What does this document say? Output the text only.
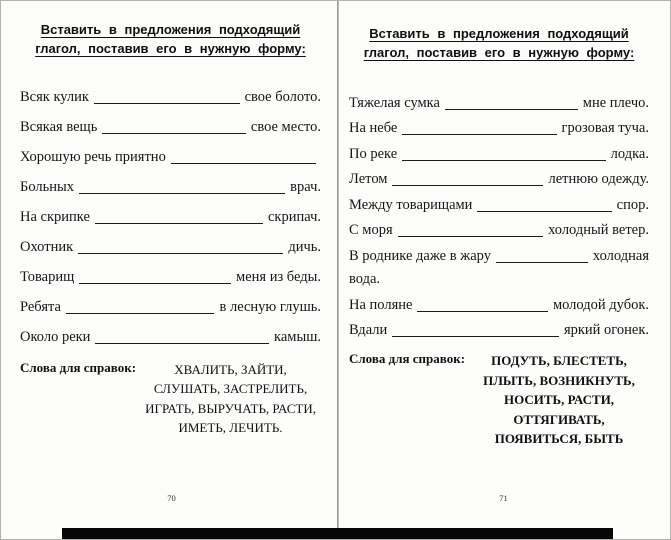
Вставить в предложения подходящий глагол, поставив его в нужную форму:
Всяк кулик	свое болото.
Всякая вещь	свое место.
Хорошую речь приятно
Больных	врач.
На скрипке	скрипач.
Охотник	дичь.
Товарищ	меня из беды.
Ребята	в лесную глушь.
Около реки	камыш.
Слова для справок:	ХВАЛИТЬ, ЗАЙТИ, СЛУШАТЬ, ЗАСТРЕЛИТЬ, ИГРАТЬ, ВЫРУЧАТЬ, РАСТИ, ИМЕТЬ, ЛЕЧИТЬ.
70
Вставить в предложения подходящий глагол, поставив его в нужную форму:
Тяжелая сумка	мне плечо.
На небе	грозовая туча.
По реке	лодка.
Летом	летнюю одежду.
Между товарищами	спор.
С моря	холодный ветер.
В роднике даже в жару	холодная
вода.
На поляне	молодой дубок.
Вдали	яркий огонек.
Слова для справок:	ПОДУТЬ, БЛЕСТЕТЬ, ПЛЫТЬ, ВОЗНИКНУТЬ, НОСИТЬ, РАСТИ, ОТТЯГИВАТЬ, ПОЯВИТЬСЯ, БЫТЬ
71
